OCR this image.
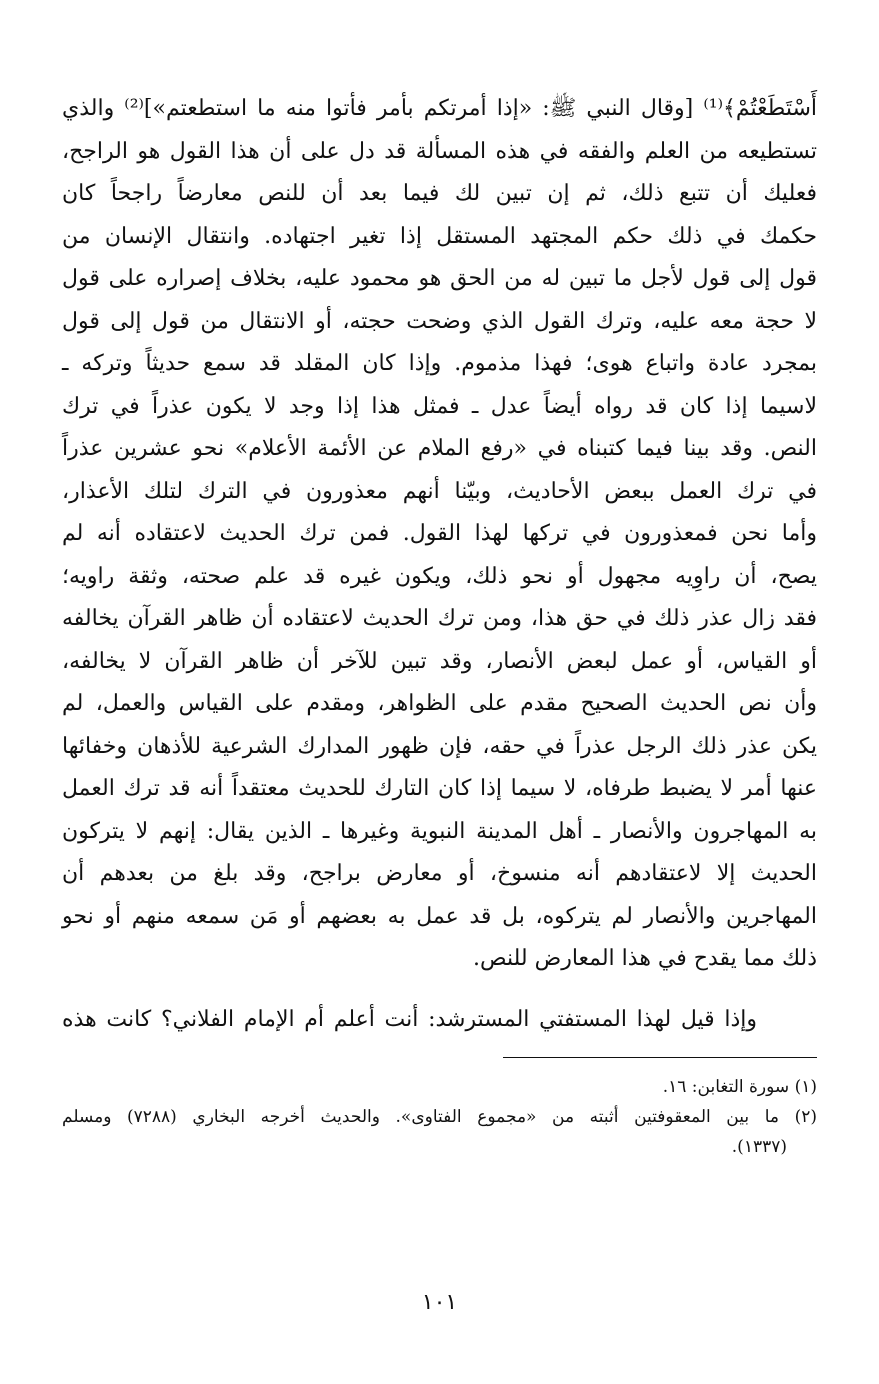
أَسْتَطَعْتُمْ﴾⁽¹⁾ [وقال النبي ﷺ: «إذا أمرتكم بأمر فأتوا منه ما استطعتم»]⁽²⁾ والذي
تستطيعه من العلم والفقه في هذه المسألة قد دل على أن هذا القول هو الراجح،
فعليك أن تتبع ذلك، ثم إن تبين لك فيما بعد أن للنص معارضاً راجحاً كان
حكمك في ذلك حكم المجتهد المستقل إذا تغير اجتهاده. وانتقال الإنسان من
قول إلى قول لأجل ما تبين له من الحق هو محمود عليه، بخلاف إصراره على قول
لا حجة معه عليه، وترك القول الذي وضحت حجته، أو الانتقال من قول إلى قول
بمجرد عادة واتباع هوى؛ فهذا مذموم. وإذا كان المقلد قد سمع حديثاً وتركه ـ
لاسيما إذا كان قد رواه أيضاً عدل ـ فمثل هذا إذا وجد لا يكون عذراً في ترك
النص. وقد بينا فيما كتبناه في «رفع الملام عن الأئمة الأعلام» نحو عشرين عذراً
في ترك العمل ببعض الأحاديث، وبيّنا أنهم معذورون في الترك لتلك الأعذار،
وأما نحن فمعذورون في تركها لهذا القول. فمن ترك الحديث لاعتقاده أنه لم
يصح، أن راوِيه مجهول أو نحو ذلك، ويكون غيره قد علم صحته، وثقة راويه؛
فقد زال عذر ذلك في حق هذا، ومن ترك الحديث لاعتقاده أن ظاهر القرآن يخالفه
أو القياس، أو عمل لبعض الأنصار، وقد تبين للآخر أن ظاهر القرآن لا يخالفه،
وأن نص الحديث الصحيح مقدم على الظواهر، ومقدم على القياس والعمل، لم
يكن عذر ذلك الرجل عذراً في حقه، فإن ظهور المدارك الشرعية للأذهان وخفائها
عنها أمر لا يضبط طرفاه، لا سيما إذا كان التارك للحديث معتقداً أنه قد ترك العمل
به المهاجرون والأنصار ـ أهل المدينة النبوية وغيرها ـ الذين يقال: إنهم لا يتركون
الحديث إلا لاعتقادهم أنه منسوخ، أو معارض براجح، وقد بلغ من بعدهم أن
المهاجرين والأنصار لم يتركوه، بل قد عمل به بعضهم أو مَن سمعه منهم أو نحو
ذلك مما يقدح في هذا المعارض للنص.
وإذا قيل لهذا المستفتي المسترشد: أنت أعلم أم الإمام الفلاني؟ كانت هذه
(١) سورة التغابن: ١٦.
(٢) ما بين المعقوفتين أثبته من «مجموع الفتاوى». والحديث أخرجه البخاري (٧٢٨٨) ومسلم
(١٣٣٧).
١٠١
